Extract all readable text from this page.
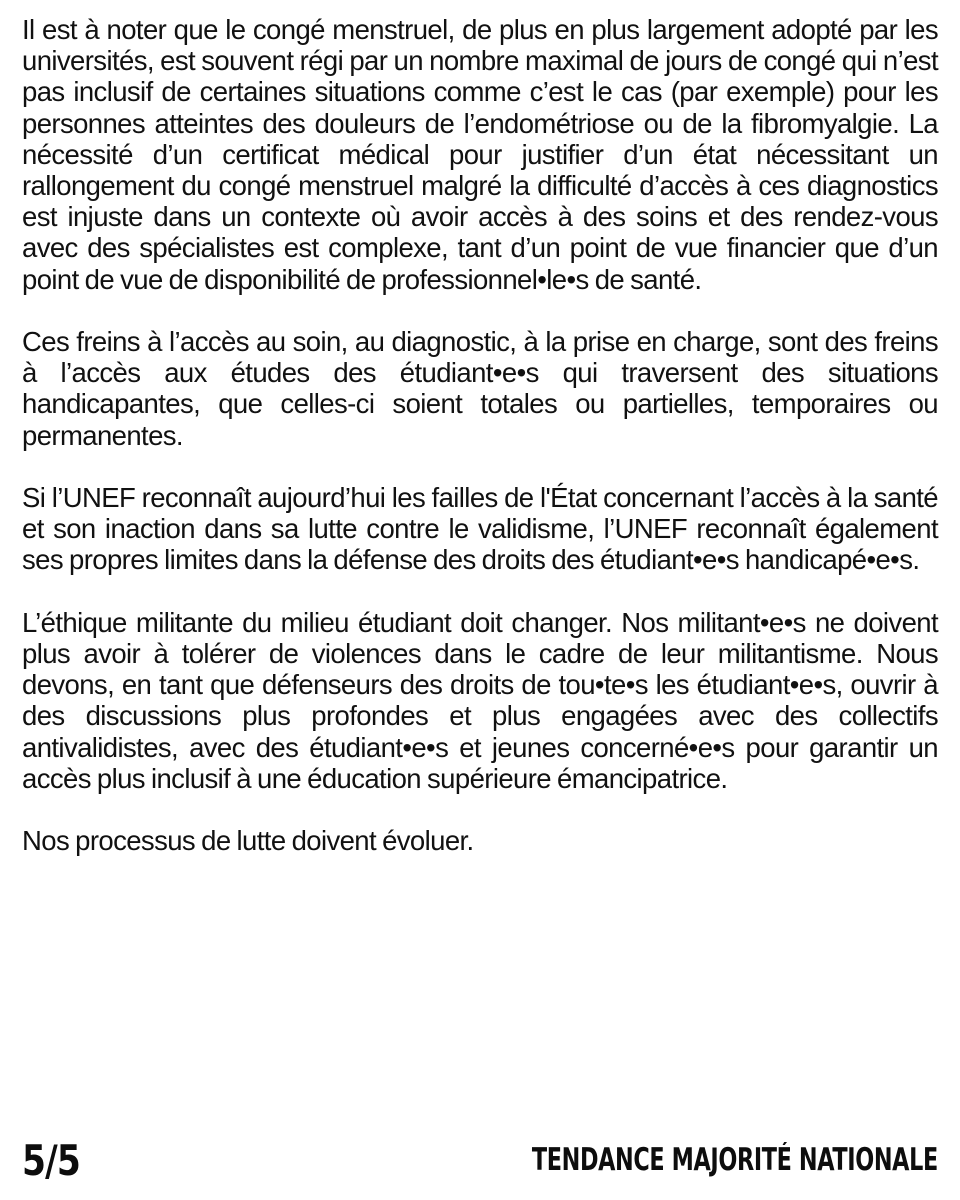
Il est à noter que le congé menstruel, de plus en plus largement adopté par les universités, est souvent régi par un nombre maximal de jours de congé qui n’est pas inclusif de certaines situations comme c’est le cas (par exemple) pour les personnes atteintes des douleurs de l’endométriose ou de la fibromyalgie. La nécessité d’un certificat médical pour justifier d’un état nécessitant un rallongement du congé menstruel malgré la difficulté d’accès à ces diagnostics est injuste dans un contexte où avoir accès à des soins et des rendez-vous avec des spécialistes est complexe, tant d’un point de vue financier que d’un point de vue de disponibilité de professionnel•le•s de santé.

Ces freins à l’accès au soin, au diagnostic, à la prise en charge, sont des freins à l’accès aux études des étudiant•e•s qui traversent des situations handicapantes, que celles-ci soient totales ou partielles, temporaires ou permanentes.

Si l’UNEF reconnaît aujourd’hui les failles de l'État concernant l’accès à la santé et son inaction dans sa lutte contre le validisme, l’UNEF reconnaît également ses propres limites dans la défense des droits des étudiant•e•s handicapé•e•s.

L’éthique militante du milieu étudiant doit changer. Nos militant•e•s ne doivent plus avoir à tolérer de violences dans le cadre de leur militantisme. Nous devons, en tant que défenseurs des droits de tou•te•s les étudiant•e•s, ouvrir à des discussions plus profondes et plus engagées avec des collectifs antivalidistes, avec des étudiant•e•s et jeunes concerné•e•s pour garantir un accès plus inclusif à une éducation supérieure émancipatrice.

Nos processus de lutte doivent évoluer.

5/5	TENDANCE MAJORITÉ NATIONALE
